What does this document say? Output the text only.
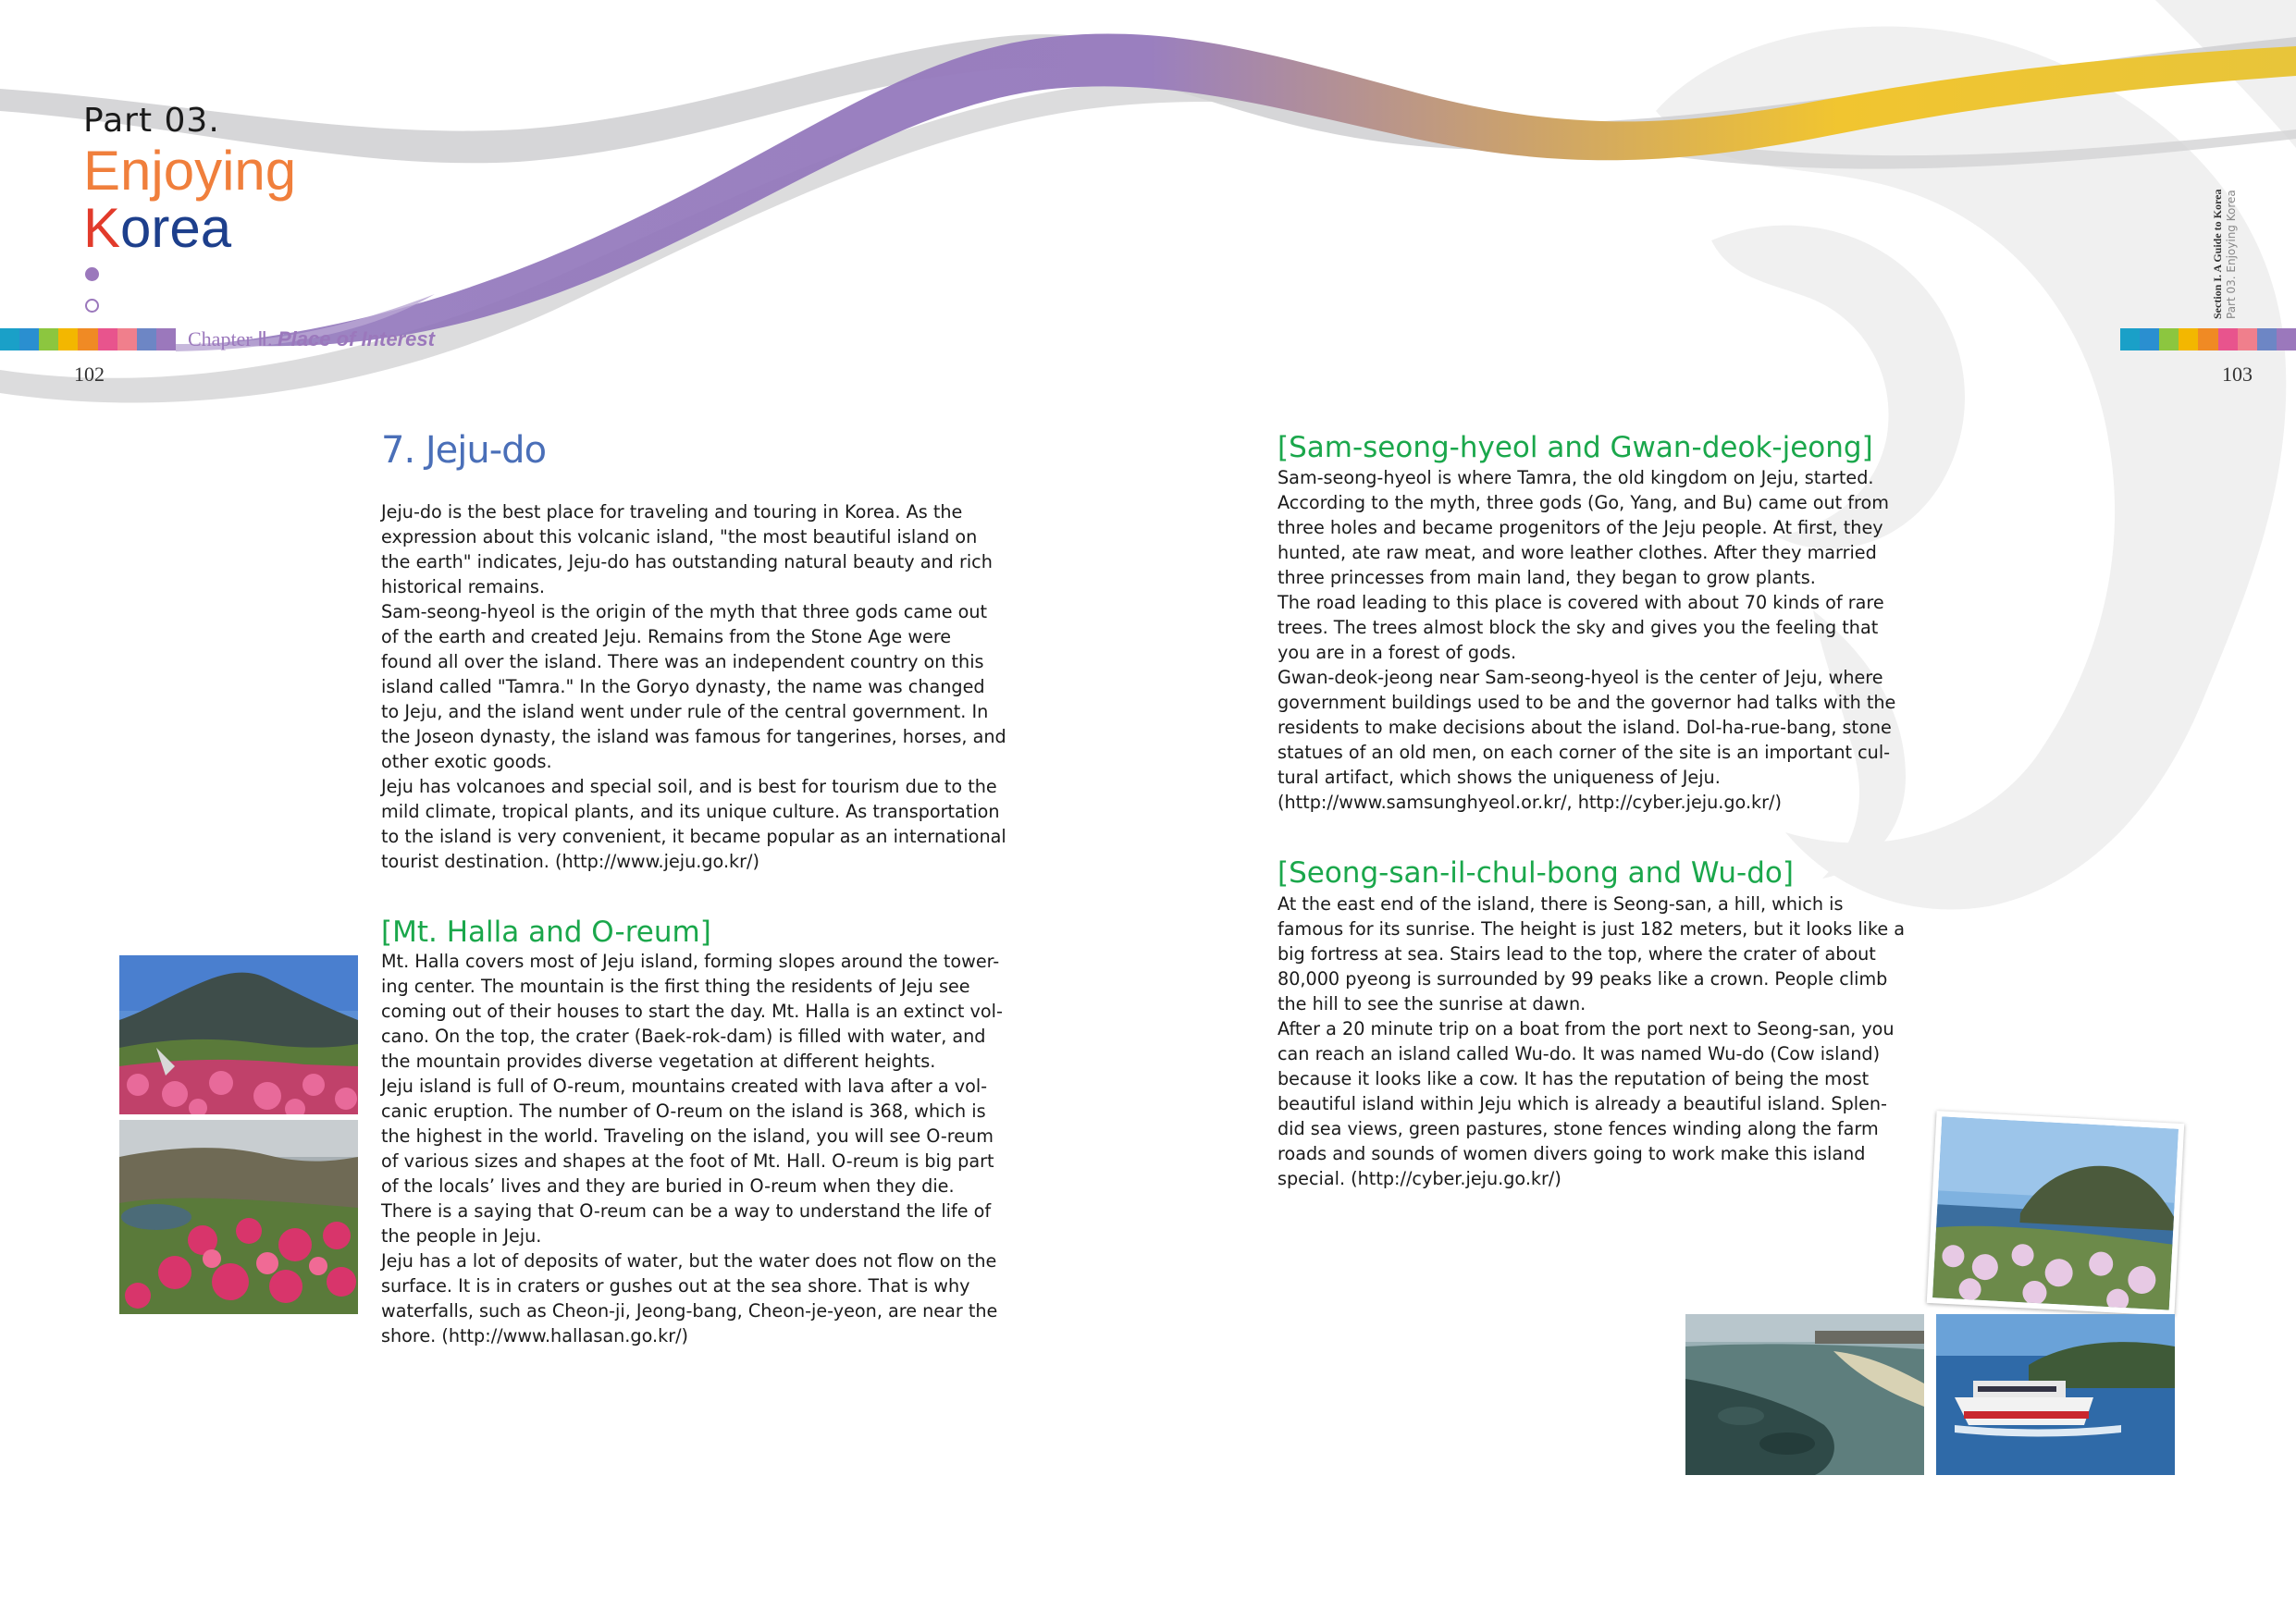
Part 03.
Enjoying
Korea
Chapter Ⅱ. Place of Interest
102	103
Section I. A Guide to Korea Part 03. Enjoying Korea
7. Jeju-do
Jeju-do is the best place for traveling and touring in Korea. As the
expression about this volcanic island, "the most beautiful island on
the earth" indicates, Jeju-do has outstanding natural beauty and rich
historical remains.
Sam-seong-hyeol is the origin of the myth that three gods came out
of the earth and created Jeju. Remains from the Stone Age were
found all over the island. There was an independent country on this
island called "Tamra." In the Goryo dynasty, the name was changed
to Jeju, and the island went under rule of the central government. In
the Joseon dynasty, the island was famous for tangerines, horses, and
other exotic goods.
Jeju has volcanoes and special soil, and is best for tourism due to the
mild climate, tropical plants, and its unique culture. As transportation
to the island is very convenient, it became popular as an international
tourist destination. (http://www.jeju.go.kr/)
[Mt. Halla and O-reum]
Mt. Halla covers most of Jeju island, forming slopes around the tower-
ing center. The mountain is the first thing the residents of Jeju see
coming out of their houses to start the day. Mt. Halla is an extinct vol-
cano. On the top, the crater (Baek-rok-dam) is filled with water, and
the mountain provides diverse vegetation at different heights.
Jeju island is full of O-reum, mountains created with lava after a vol-
canic eruption. The number of O-reum on the island is 368, which is
the highest in the world. Traveling on the island, you will see O-reum
of various sizes and shapes at the foot of Mt. Hall. O-reum is big part
of the locals’ lives and they are buried in O-reum when they die.
There is a saying that O-reum can be a way to understand the life of
the people in Jeju.
Jeju has a lot of deposits of water, but the water does not flow on the
surface. It is in craters or gushes out at the sea shore. That is why
waterfalls, such as Cheon-ji, Jeong-bang, Cheon-je-yeon, are near the
shore. (http://www.hallasan.go.kr/)
[Sam-seong-hyeol and Gwan-deok-jeong]
Sam-seong-hyeol is where Tamra, the old kingdom on Jeju, started.
According to the myth, three gods (Go, Yang, and Bu) came out from
three holes and became progenitors of the Jeju people. At first, they
hunted, ate raw meat, and wore leather clothes. After they married
three princesses from main land, they began to grow plants.
The road leading to this place is covered with about 70 kinds of rare
trees. The trees almost block the sky and gives you the feeling that
you are in a forest of gods.
Gwan-deok-jeong near Sam-seong-hyeol is the center of Jeju, where
government buildings used to be and the governor had talks with the
residents to make decisions about the island. Dol-ha-rue-bang, stone
statues of an old men, on each corner of the site is an important cul-
tural artifact, which shows the uniqueness of Jeju.
(http://www.samsunghyeol.or.kr/, http://cyber.jeju.go.kr/)
[Seong-san-il-chul-bong and Wu-do]
At the east end of the island, there is Seong-san, a hill, which is
famous for its sunrise. The height is just 182 meters, but it looks like a
big fortress at sea. Stairs lead to the top, where the crater of about
80,000 pyeong is surrounded by 99 peaks like a crown. People climb
the hill to see the sunrise at dawn.
After a 20 minute trip on a boat from the port next to Seong-san, you
can reach an island called Wu-do. It was named Wu-do (Cow island)
because it looks like a cow. It has the reputation of being the most
beautiful island within Jeju which is already a beautiful island. Splen-
did sea views, green pastures, stone fences winding along the farm
roads and sounds of women divers going to work make this island
special. (http://cyber.jeju.go.kr/)
